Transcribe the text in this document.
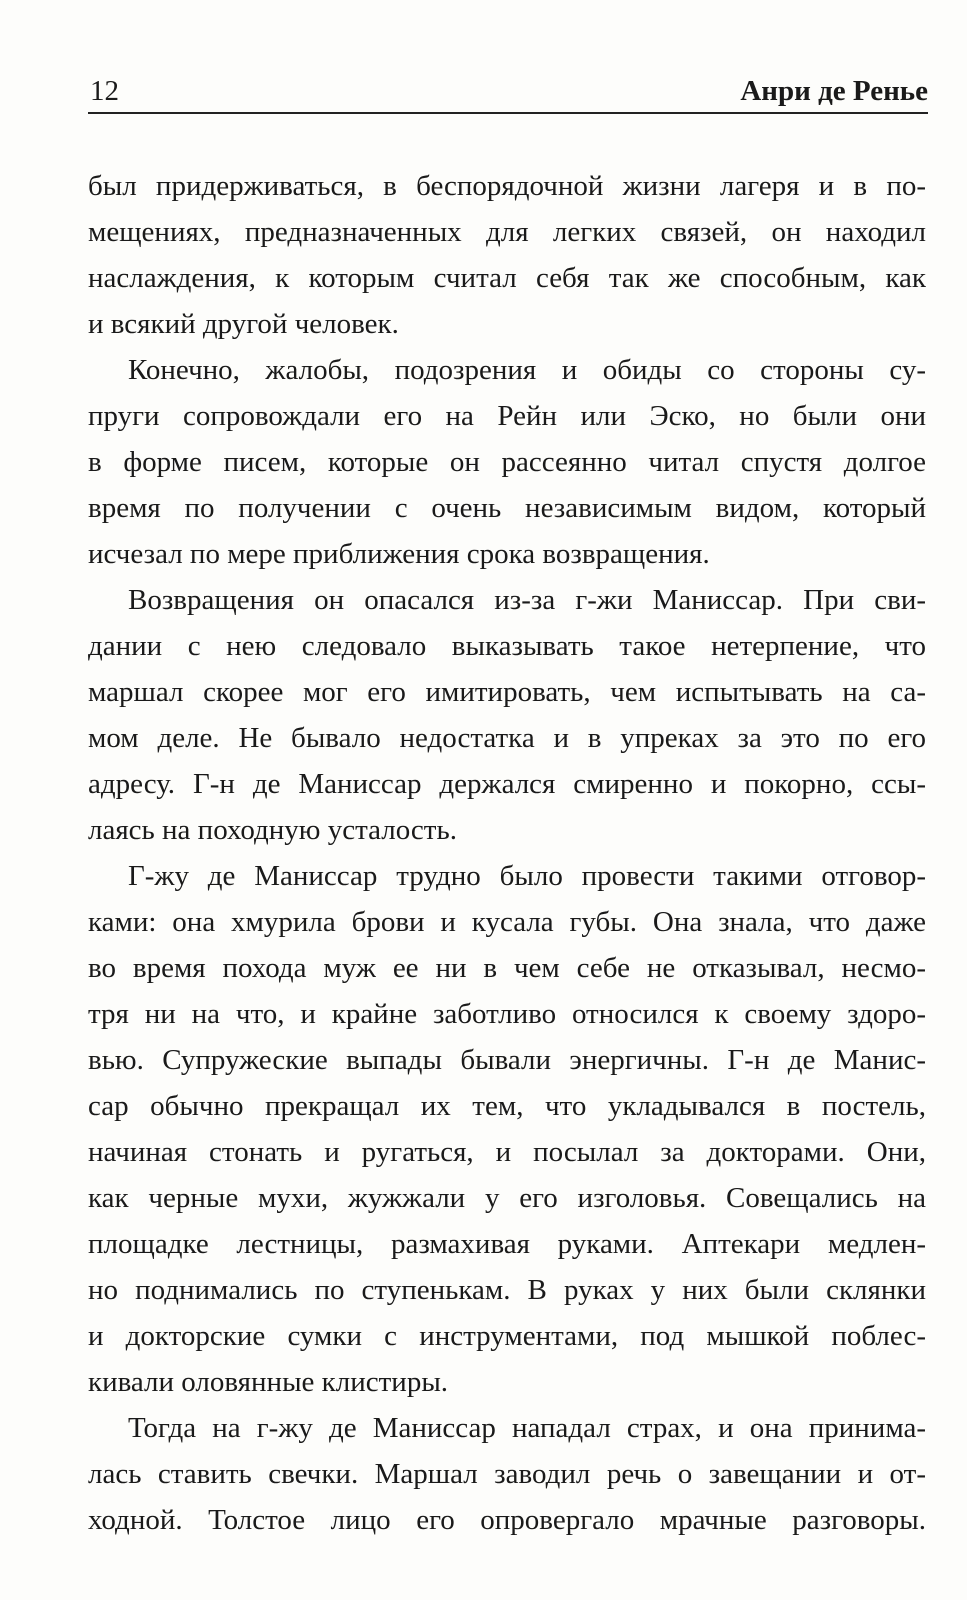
12	Анри де Ренье
был придерживаться, в беспорядочной жизни лагеря и в по-
мещениях, предназначенных для легких связей, он находил
наслаждения, к которым считал себя так же способным, как
и всякий другой человек.
Конечно, жалобы, подозрения и обиды со стороны су-
пруги сопровождали его на Рейн или Эско, но были они
в форме писем, которые он рассеянно читал спустя долгое
время по получении с очень независимым видом, который
исчезал по мере приближения срока возвращения.
Возвращения он опасался из-за г-жи Маниссар. При сви-
дании с нею следовало выказывать такое нетерпение, что
маршал скорее мог его имитировать, чем испытывать на са-
мом деле. Не бывало недостатка и в упреках за это по его
адресу. Г-н де Маниссар держался смиренно и покорно, ссы-
лаясь на походную усталость.
Г-жу де Маниссар трудно было провести такими отговор-
ками: она хмурила брови и кусала губы. Она знала, что даже
во время похода муж ее ни в чем себе не отказывал, несмо-
тря ни на что, и крайне заботливо относился к своему здоро-
вью. Супружеские выпады бывали энергичны. Г-н де Манис-
сар обычно прекращал их тем, что укладывался в постель,
начиная стонать и ругаться, и посылал за докторами. Они,
как черные мухи, жужжали у его изголовья. Совещались на
площадке лестницы, размахивая руками. Аптекари медлен-
но поднимались по ступенькам. В руках у них были склянки
и докторские сумки с инструментами, под мышкой поблес-
кивали оловянные клистиры.
Тогда на г-жу де Маниссар нападал страх, и она принима-
лась ставить свечки. Маршал заводил речь о завещании и от-
ходной. Толстое лицо его опровергало мрачные разговоры.
